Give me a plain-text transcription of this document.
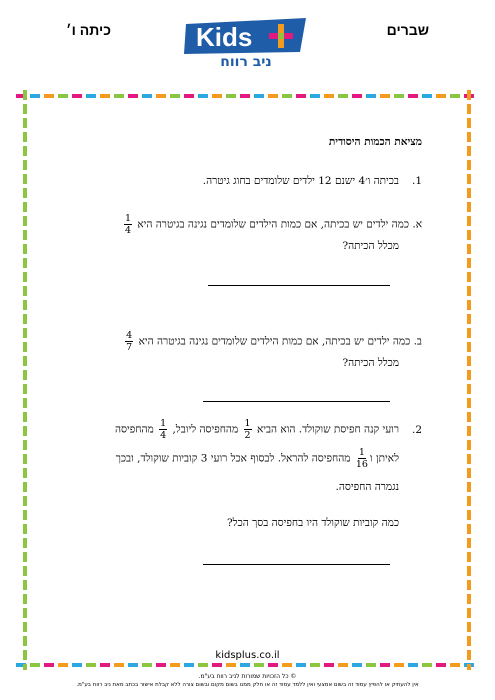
שברים
כיתה ו׳	Kids
ניב רווח
מציאת הכמות היסודית
1.
בכיתה ו׳4 ישנם 12 ילדים שלומדים בחוג גיטרה.
א. כמה ילדים יש בכיתה, אם כמות הילדים שלומדים נגינה בגיטרה היא
$\frac{1}{4}$
מכלל הכיתה?
ב. כמה ילדים יש בכיתה, אם כמות הילדים שלומדים נגינה בגיטרה היא
$\frac{4}{7}$
מכלל הכיתה?
2.
רועי קנה חפיסת שוקולד. הוא הביא
$\frac{1}{2}$
מהחפיסה ליובל,
$\frac{1}{4}$
מהחפיסה
לאיתן ו
$\frac{1}{16}$
מהחפיסה להראל. לבסוף אכל רועי 3 קוביות שוקולד, ובכך
נגמרה החפיסה.
כמה קוביות שוקולד היו בחפיסה בסך הכל?
kidsplus.co.il
© כל הזכויות שמורות לניב רווח בע"מ.
אין להעתיק או להפיץ עמוד זה בשום אמצעי ואין ללמד עמוד זה או חלק ממנו בשום מקום ובשום צורה ללא קבלת אישור בכתב מאת ניב רווח בע"מ.
